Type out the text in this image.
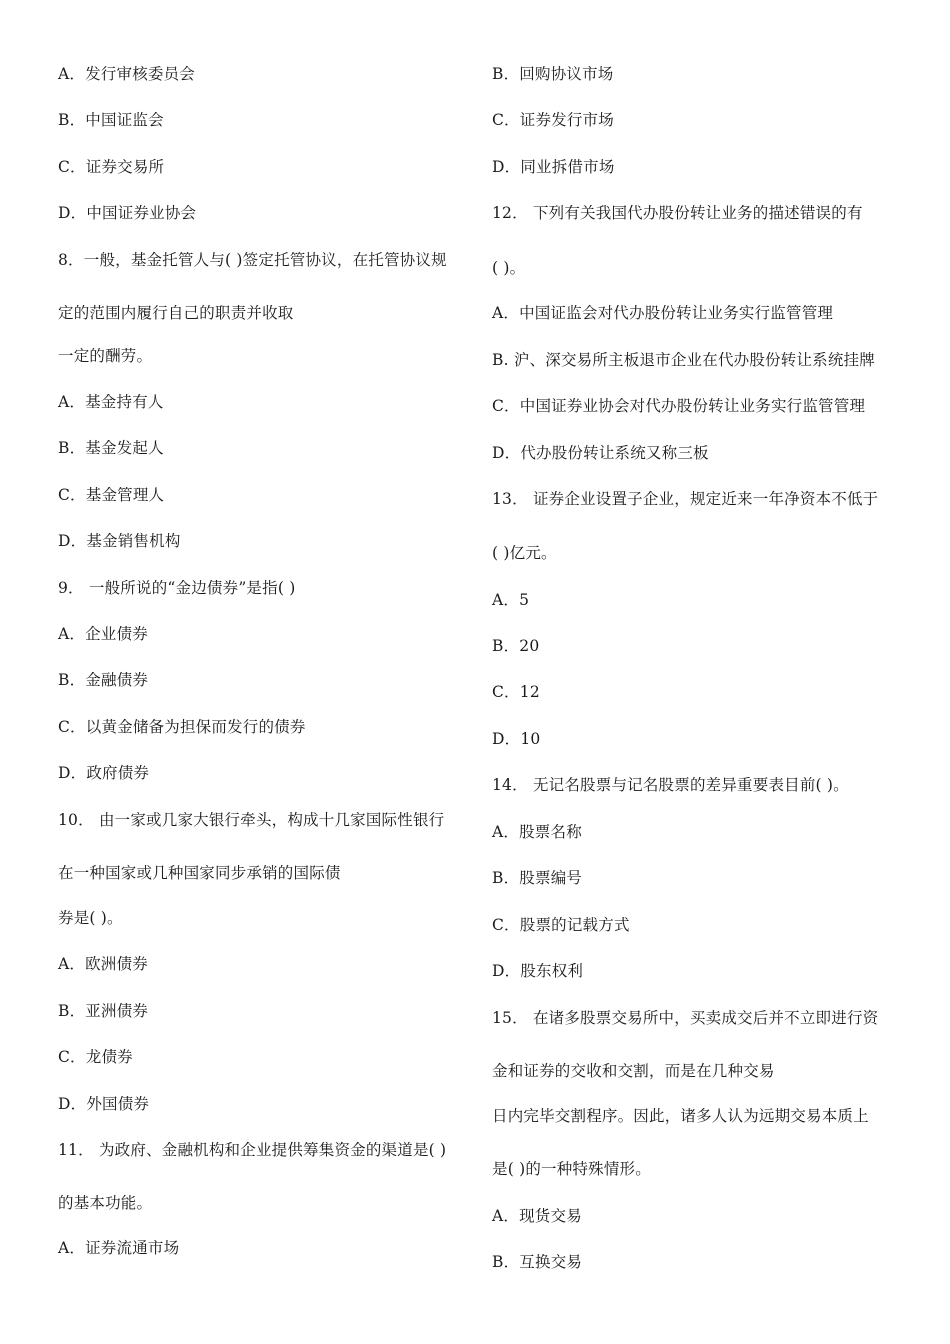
A．发行审核委员会
B．中国证监会
C．证券交易所
D．中国证券业协会
8．一般，基金托管人与( )签定托管协议，在托管协议规
定的范围内履行自己的职责并收取
一定的酬劳。
A．基金持有人
B．基金发起人
C．基金管理人
D．基金销售机构
9． 一般所说的“金边债券”是指( )
A．企业债券
B．金融债券
C．以黄金储备为担保而发行的债券
D．政府债券
10． 由一家或几家大银行牵头，构成十几家国际性银行
在一种国家或几种国家同步承销的国际债
券是( )。
A．欧洲债券
B．亚洲债券
C．龙债券
D．外国债券
11． 为政府、金融机构和企业提供筹集资金的渠道是( )
的基本功能。
A．证券流通市场
B．回购协议市场
C．证券发行市场
D．同业拆借市场
12． 下列有关我国代办股份转让业务的描述错误的有
( )。
A．中国证监会对代办股份转让业务实行监管管理
B. 沪、深交易所主板退市企业在代办股份转让系统挂牌
C．中国证券业协会对代办股份转让业务实行监管管理
D．代办股份转让系统又称三板
13． 证券企业设置子企业，规定近来一年净资本不低于
( )亿元。
A．5
B．20
C．12
D．10
14． 无记名股票与记名股票的差异重要表目前( )。
A．股票名称
B．股票编号
C．股票的记载方式
D．股东权利
15． 在诸多股票交易所中，买卖成交后并不立即进行资
金和证券的交收和交割，而是在几种交易
日内完毕交割程序。因此，诸多人认为远期交易本质上
是( )的一种特殊情形。
A．现货交易
B．互换交易
